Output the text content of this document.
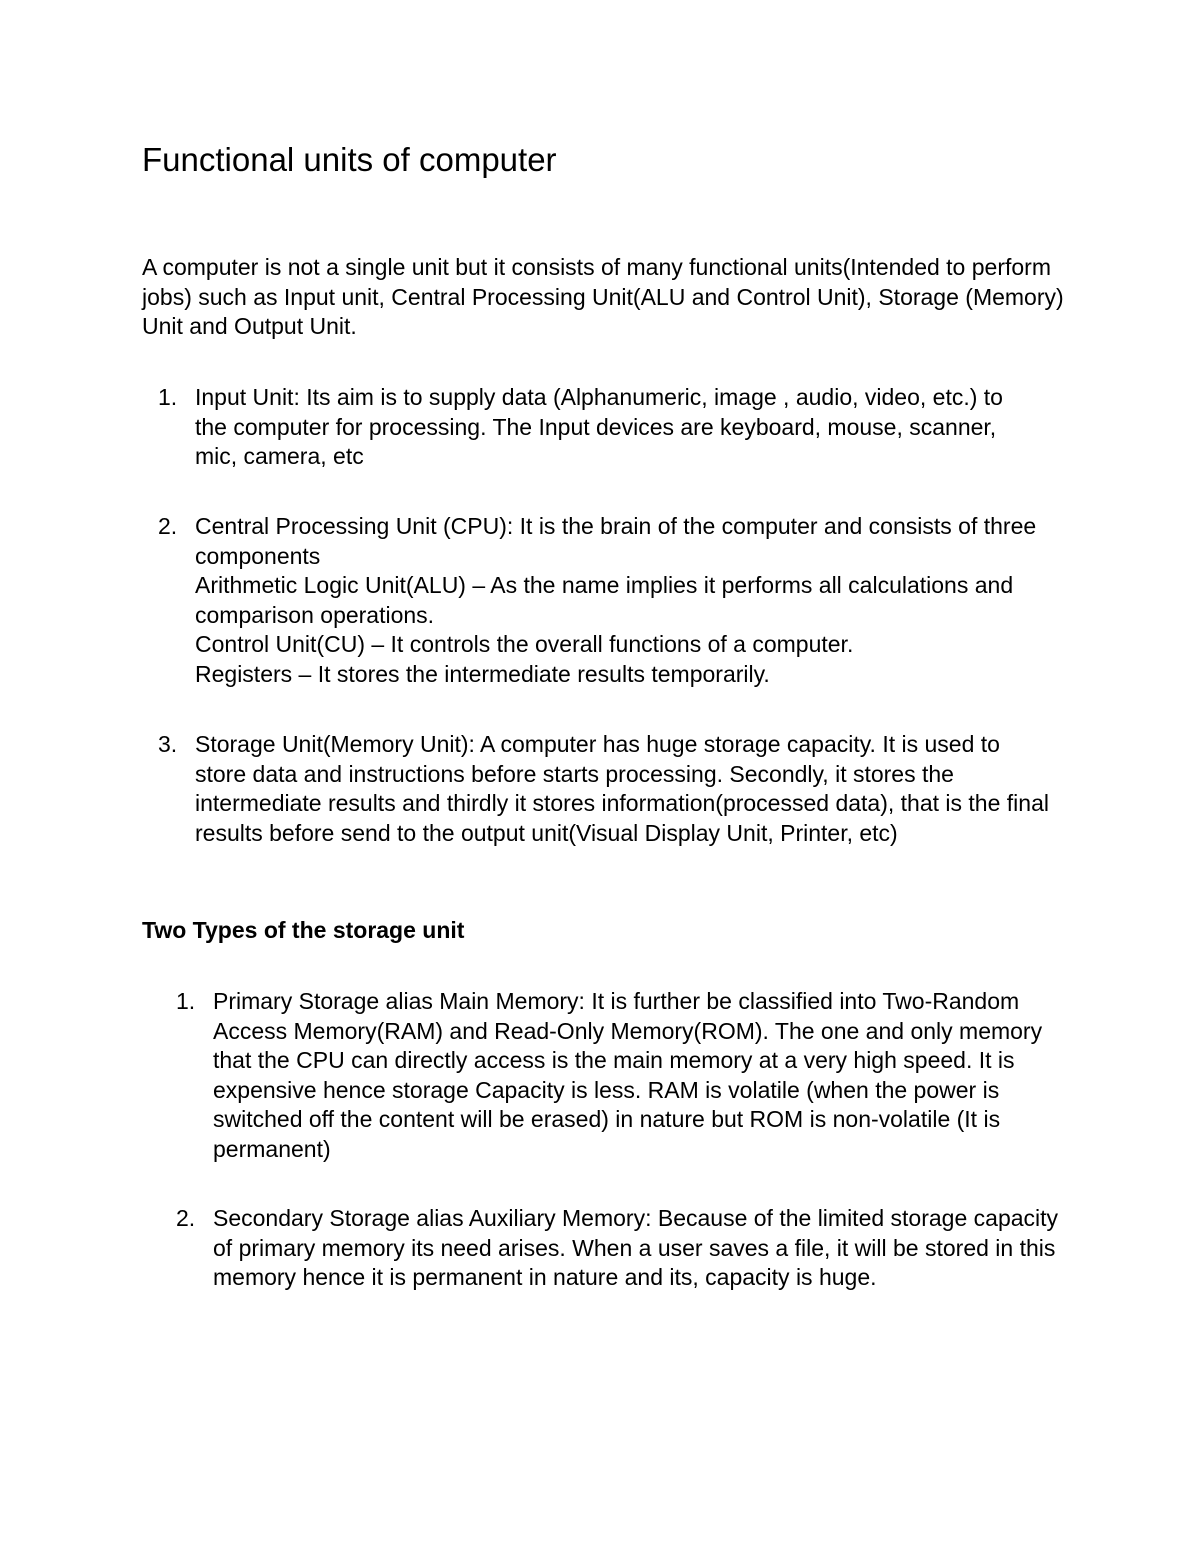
Functional units of computer

A computer is not a single unit but it consists of many functional units(Intended to perform jobs) such as Input unit, Central Processing Unit(ALU and Control Unit), Storage (Memory) Unit and Output Unit.

1. Input Unit: Its aim is to supply data (Alphanumeric, image , audio, video, etc.) to the computer for processing. The Input devices are keyboard, mouse, scanner, mic, camera, etc

2. Central Processing Unit (CPU): It is the brain of the computer and consists of three components

Arithmetic Logic Unit(ALU) – As the name implies it performs all calculations and comparison operations.

Control Unit(CU) – It controls the overall functions of a computer.

Registers – It stores the intermediate results temporarily.

3. Storage Unit(Memory Unit): A computer has huge storage capacity. It is used to store data and instructions before starts processing. Secondly, it stores the intermediate results and thirdly it stores information(processed data), that is the final results before send to the output unit(Visual Display Unit, Printer, etc)

Two Types of the storage unit

1. Primary Storage alias Main Memory: It is further be classified into Two-Random Access Memory(RAM) and Read-Only Memory(ROM). The one and only memory that the CPU can directly access is the main memory at a very high speed. It is expensive hence storage Capacity is less. RAM is volatile (when the power is switched off the content will be erased) in nature but ROM is non-volatile (It is permanent)

2. Secondary Storage alias Auxiliary Memory: Because of the limited storage capacity of primary memory its need arises. When a user saves a file, it will be stored in this memory hence it is permanent in nature and its, capacity is huge.
